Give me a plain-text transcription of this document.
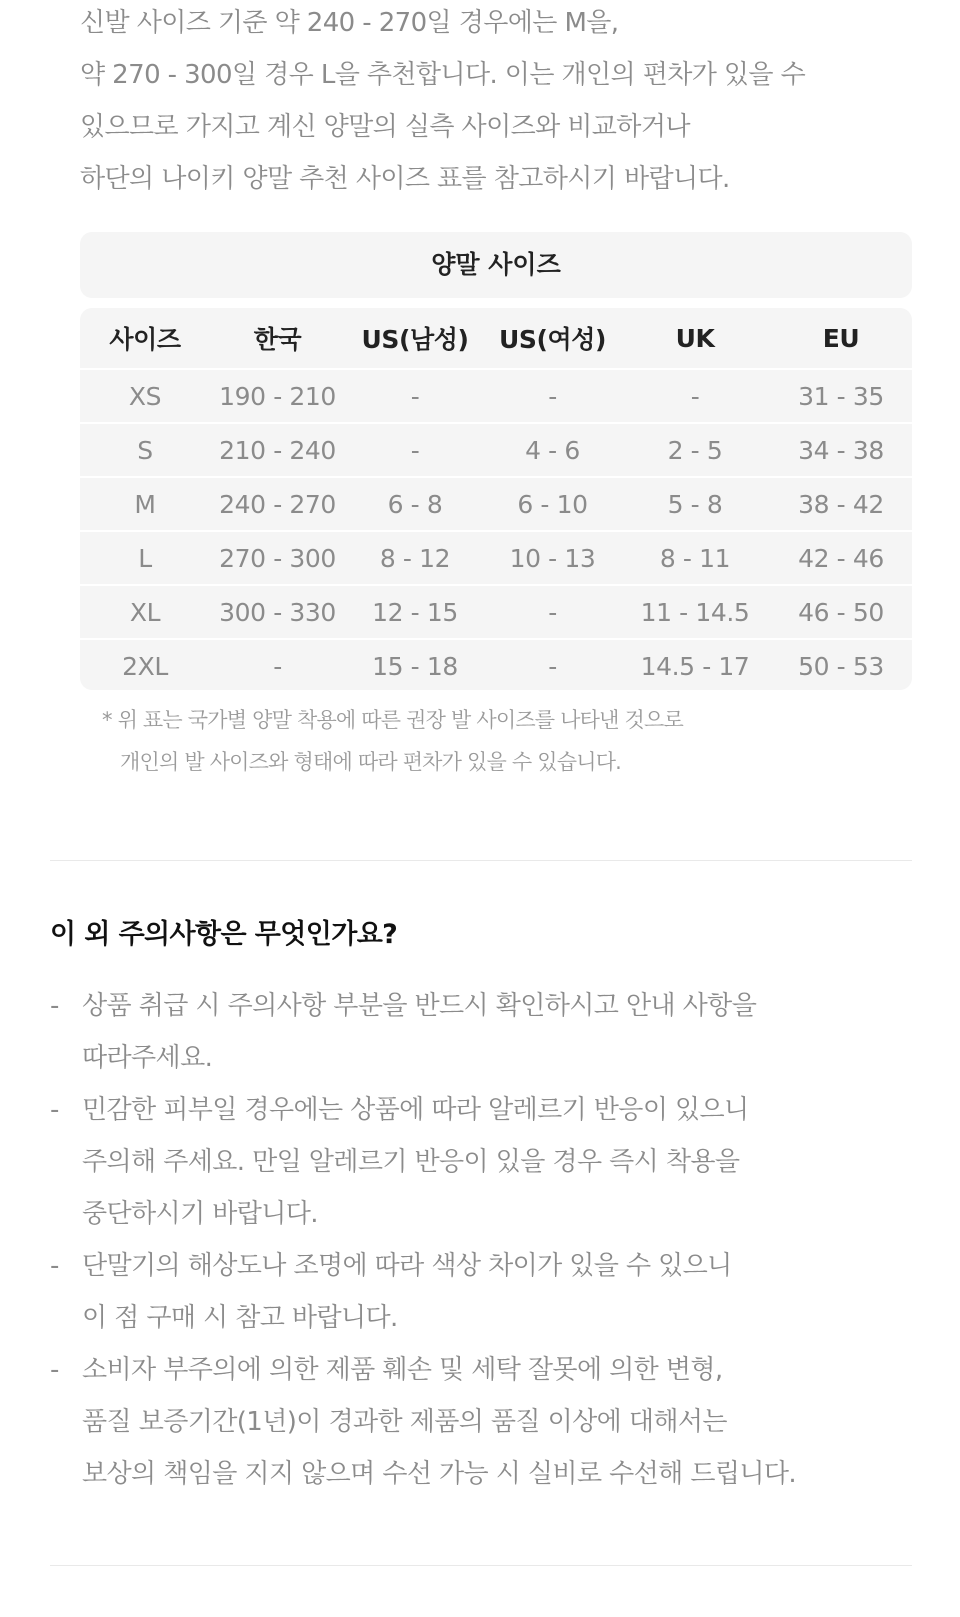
신발 사이즈 기준 약 240 - 270일 경우에는 M을,

약 270 - 300일 경우 L을 추천합니다. 이는 개인의 편차가 있을 수

있으므로 가지고 계신 양말의 실측 사이즈와 비교하거나

하단의 나이키 양말 추천 사이즈 표를 참고하시기 바랍니다.

양말 사이즈
사이즈	한국	US(남성)	US(여성)	UK	EU
XS	190 - 210	-	-	-	31 - 35
S	210 - 240	-	4 - 6	2 - 5	34 - 38
M	240 - 270	6 - 8	6 - 10	5 - 8	38 - 42
L	270 - 300	8 - 12	10 - 13	8 - 11	42 - 46
XL	300 - 330	12 - 15	-	11 - 14.5	46 - 50
2XL	-	15 - 18	-	14.5 - 17	50 - 53
* 위 표는 국가별 양말 착용에 따른 권장 발 사이즈를 나타낸 것으로
개인의 발 사이즈와 형태에 따라 편차가 있을 수 있습니다.
이 외 주의사항은 무엇인가요?
- 상품 취급 시 주의사항 부분을 반드시 확인하시고 안내 사항을
따라주세요.
- 민감한 피부일 경우에는 상품에 따라 알레르기 반응이 있으니
주의해 주세요. 만일 알레르기 반응이 있을 경우 즉시 착용을
중단하시기 바랍니다.
- 단말기의 해상도나 조명에 따라 색상 차이가 있을 수 있으니
이 점 구매 시 참고 바랍니다.
- 소비자 부주의에 의한 제품 훼손 및 세탁 잘못에 의한 변형,
품질 보증기간(1년)이 경과한 제품의 품질 이상에 대해서는
보상의 책임을 지지 않으며 수선 가능 시 실비로 수선해 드립니다.
